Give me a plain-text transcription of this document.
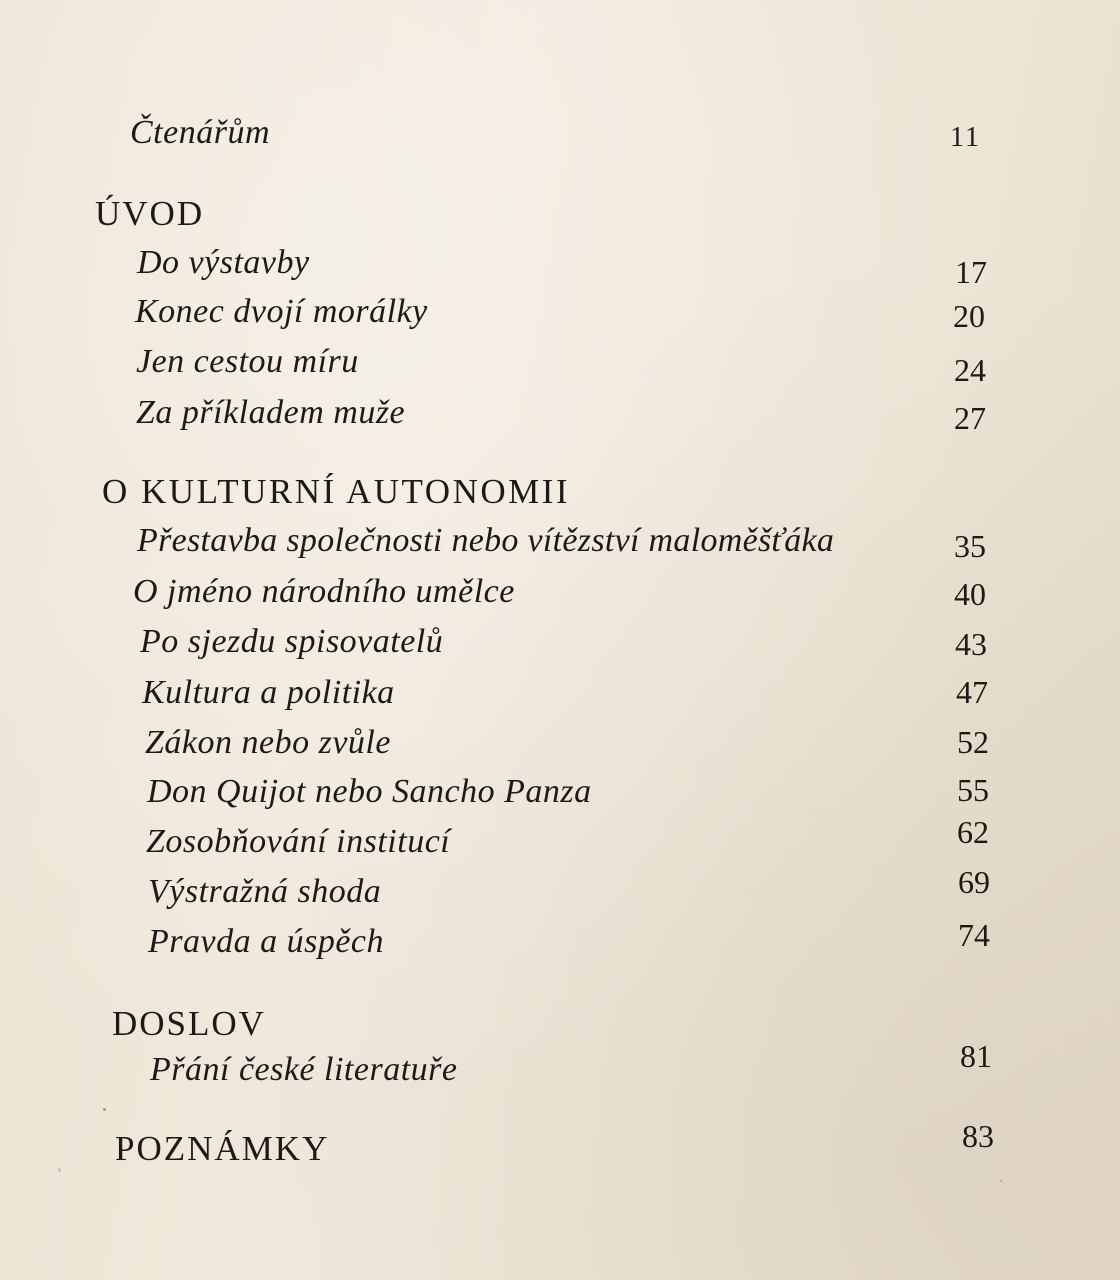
Čtenářům	11
ÚVOD
Do výstavby	17
Konec dvojí morálky	20
Jen cestou míru	24
Za příkladem muže	27
O KULTURNÍ AUTONOMII
Přestavba společnosti nebo vítězství maloměšťáka	35
O jméno národního umělce	40
Po sjezdu spisovatelů	43
Kultura a politika	47
Zákon nebo zvůle	52
Don Quijot nebo Sancho Panza	55
Zosobňování institucí	62
Výstražná shoda	69
Pravda a úspěch	74
DOSLOV
Přání české literatuře	81
POZNÁMKY	83
